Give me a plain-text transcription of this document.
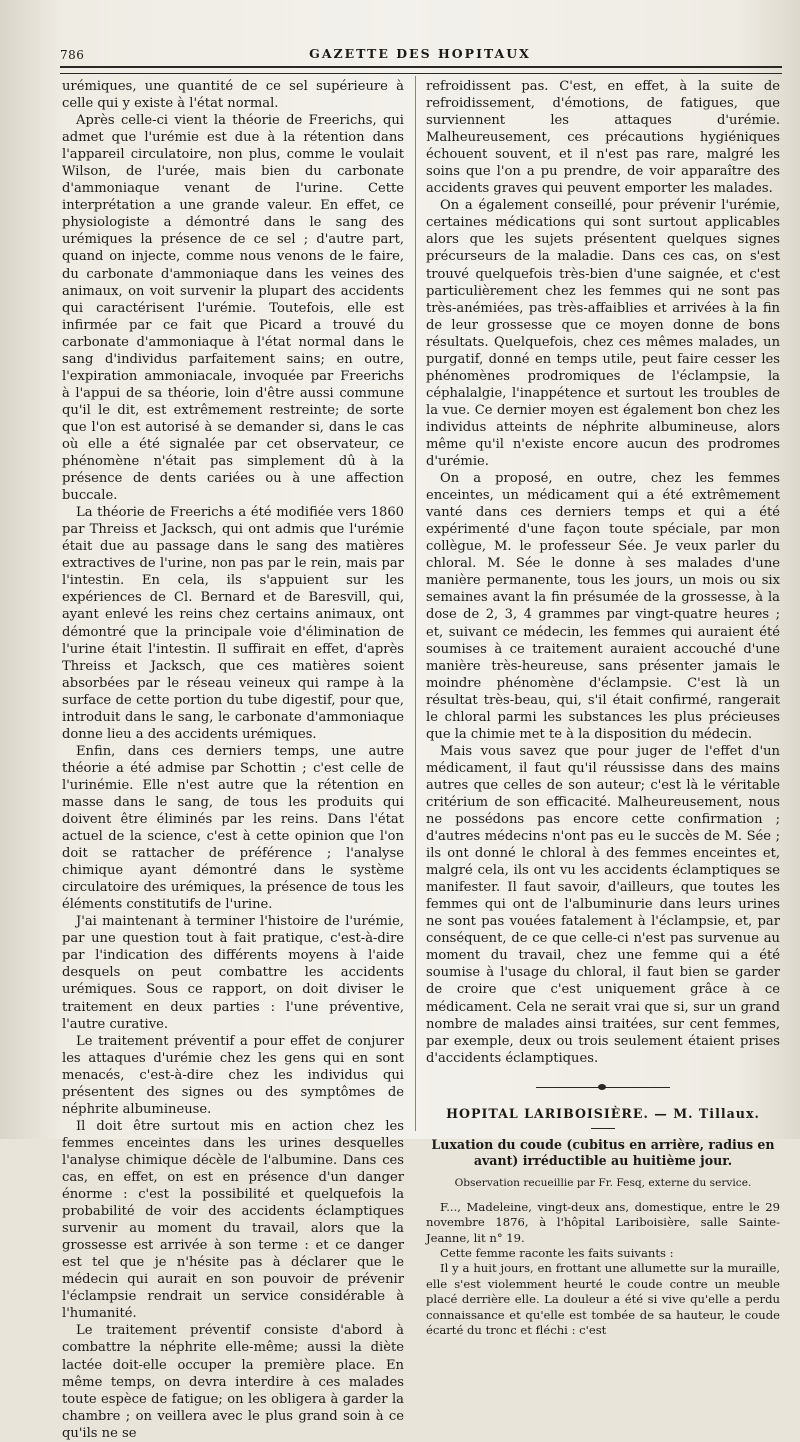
786	GAZETTE DES HOPITAUX

urémiques, une quantité de ce sel supérieure à celle qui y existe à l'état normal.

Après celle-ci vient la théorie de Freerichs, qui admet que l'urémie est due à la rétention dans l'appareil circulatoire, non plus, comme le voulait Wilson, de l'urée, mais bien du carbonate d'ammoniaque venant de l'urine. Cette interprétation a une grande valeur. En effet, ce physiologiste a démontré dans le sang des urémiques la présence de ce sel ; d'autre part, quand on injecte, comme nous venons de le faire, du carbonate d'ammoniaque dans les veines des animaux, on voit survenir la plupart des accidents qui caractérisent l'urémie. Toutefois, elle est infirmée par ce fait que Picard a trouvé du carbonate d'ammoniaque à l'état normal dans le sang d'individus parfaitement sains; en outre, l'expiration ammoniacale, invoquée par Freerichs à l'appui de sa théorie, loin d'être aussi commune qu'il le dit, est extrêmement restreinte; de sorte que l'on est autorisé à se demander si, dans le cas où elle a été signalée par cet observateur, ce phénomène n'était pas simplement dû à la présence de dents cariées ou à une affection buccale.

La théorie de Freerichs a été modifiée vers 1860 par Threiss et Jacksch, qui ont admis que l'urémie était due au passage dans le sang des matières extractives de l'urine, non pas par le rein, mais par l'intestin. En cela, ils s'appuient sur les expériences de Cl. Bernard et de Baresvill, qui, ayant enlevé les reins chez certains animaux, ont démontré que la principale voie d'élimination de l'urine était l'intestin. Il suffirait en effet, d'après Threiss et Jacksch, que ces matières soient absorbées par le réseau veineux qui rampe à la surface de cette portion du tube digestif, pour que, introduit dans le sang, le carbonate d'ammoniaque donne lieu a des accidents urémiques.

Enfin, dans ces derniers temps, une autre théorie a été admise par Schottin ; c'est celle de l'urinémie. Elle n'est autre que la rétention en masse dans le sang, de tous les produits qui doivent être éliminés par les reins. Dans l'état actuel de la science, c'est à cette opinion que l'on doit se rattacher de préférence ; l'analyse chimique ayant démontré dans le système circulatoire des urémiques, la présence de tous les éléments constitutifs de l'urine.

J'ai maintenant à terminer l'histoire de l'urémie, par une question tout à fait pratique, c'est-à-dire par l'indication des différents moyens à l'aide desquels on peut combattre les accidents urémiques. Sous ce rapport, on doit diviser le traitement en deux parties : l'une préventive, l'autre curative.

Le traitement préventif a pour effet de conjurer les attaques d'urémie chez les gens qui en sont menacés, c'est-à-dire chez les individus qui présentent des signes ou des symptômes de néphrite albumineuse.

Il doit être surtout mis en action chez les femmes enceintes dans les urines desquelles l'analyse chimique décèle de l'albumine. Dans ces cas, en effet, on est en présence d'un danger énorme : c'est la possibilité et quelquefois la probabilité de voir des accidents éclamptiques survenir au moment du travail, alors que la grossesse est arrivée à son terme : et ce danger est tel que je n'hésite pas à déclarer que le médecin qui aurait en son pouvoir de prévenir l'éclampsie rendrait un service considérable à l'humanité.

Le traitement préventif consiste d'abord à combattre la néphrite elle-même; aussi la diète lactée doit-elle occuper la première place. En même temps, on devra interdire à ces malades toute espèce de fatigue; on les obligera à garder la chambre ; on veillera avec le plus grand soin à ce qu'ils ne se

refroidissent pas. C'est, en effet, à la suite de refroidissement, d'émotions, de fatigues, que surviennent les attaques d'urémie. Malheureusement, ces précautions hygiéniques échouent souvent, et il n'est pas rare, malgré les soins que l'on a pu prendre, de voir apparaître des accidents graves qui peuvent emporter les malades.

On a également conseillé, pour prévenir l'urémie, certaines médications qui sont surtout applicables alors que les sujets présentent quelques signes précurseurs de la maladie. Dans ces cas, on s'est trouvé quelquefois très-bien d'une saignée, et c'est particulièrement chez les femmes qui ne sont pas très-anémiées, pas très-affaiblies et arrivées à la fin de leur grossesse que ce moyen donne de bons résultats. Quelquefois, chez ces mêmes malades, un purgatif, donné en temps utile, peut faire cesser les phénomènes prodromiques de l'éclampsie, la céphalalgie, l'inappétence et surtout les troubles de la vue. Ce dernier moyen est également bon chez les individus atteints de néphrite albumineuse, alors même qu'il n'existe encore aucun des prodromes d'urémie.

On a proposé, en outre, chez les femmes enceintes, un médicament qui a été extrêmement vanté dans ces derniers temps et qui a été expérimenté d'une façon toute spéciale, par mon collègue, M. le professeur Sée. Je veux parler du chloral. M. Sée le donne à ses malades d'une manière permanente, tous les jours, un mois ou six semaines avant la fin présumée de la grossesse, à la dose de 2, 3, 4 grammes par vingt-quatre heures ; et, suivant ce médecin, les femmes qui auraient été soumises à ce traitement auraient accouché d'une manière très-heureuse, sans présenter jamais le moindre phénomène d'éclampsie. C'est là un résultat très-beau, qui, s'il était confirmé, rangerait le chloral parmi les substances les plus précieuses que la chimie met te à la disposition du médecin.

Mais vous savez que pour juger de l'effet d'un médicament, il faut qu'il réussisse dans des mains autres que celles de son auteur; c'est là le véritable critérium de son efficacité. Malheureusement, nous ne possédons pas encore cette confirmation ; d'autres médecins n'ont pas eu le succès de M. Sée ; ils ont donné le chloral à des femmes enceintes et, malgré cela, ils ont vu les accidents éclamptiques se manifester. Il faut savoir, d'ailleurs, que toutes les femmes qui ont de l'albuminurie dans leurs urines ne sont pas vouées fatalement à l'éclampsie, et, par conséquent, de ce que celle-ci n'est pas survenue au moment du travail, chez une femme qui a été soumise à l'usage du chloral, il faut bien se garder de croire que c'est uniquement grâce à ce médicament. Cela ne serait vrai que si, sur un grand nombre de malades ainsi traitées, sur cent femmes, par exemple, deux ou trois seulement étaient prises d'accidents éclamptiques.

HOPITAL LARIBOISIÈRE. — M. Tillaux.
Luxation du coude (cubitus en arrière, radius en avant) irréductible au huitième jour.
Observation recueillie par Fr. Fesq, externe du service.

F..., Madeleine, vingt-deux ans, domestique, entre le 29 novembre 1876, à l'hôpital Lariboisière, salle Sainte-Jeanne, lit n° 19.

Cette femme raconte les faits suivants :

Il y a huit jours, en frottant une allumette sur la muraille, elle s'est violemment heurté le coude contre un meuble placé derrière elle. La douleur a été si vive qu'elle a perdu connaissance et qu'elle est tombée de sa hauteur, le coude écarté du tronc et fléchi : c'est
